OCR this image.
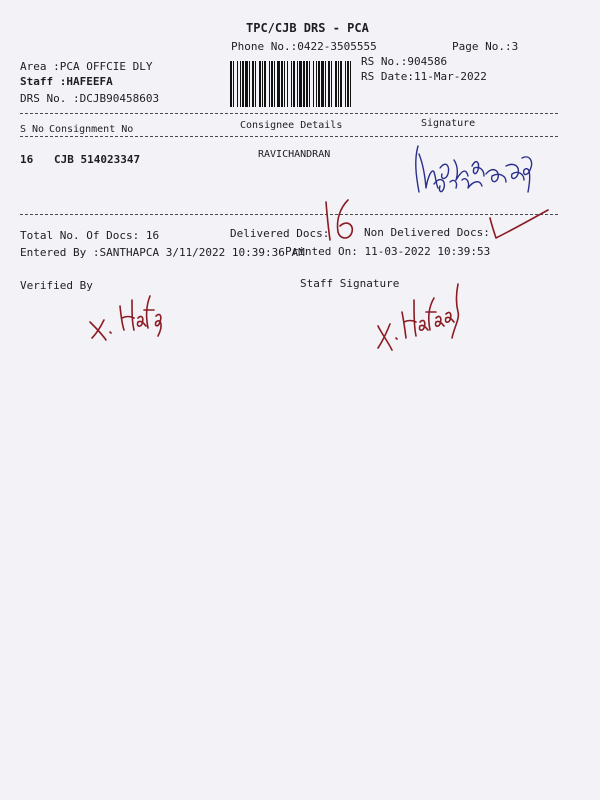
TPC/CJB DRS - PCA
Phone No.:0422-3505555	Page No.:3
Area :PCA OFFCIE DLY
Staff :HAFEEFA
DRS No. :DCJB90458603
RS No.:904586
RS Date:11-Mar-2022
S No Consignment No	Consignee Details	Signature
16 CJB 514023347	RAVICHANDRAN
Total No. Of Docs: 16	Delivered Docs:	Non Delivered Docs:
Entered By :SANTHAPCA 3/11/2022 10:39:36 AM
Printed On: 11-03-2022 10:39:53
Verified By	Staff Signature
